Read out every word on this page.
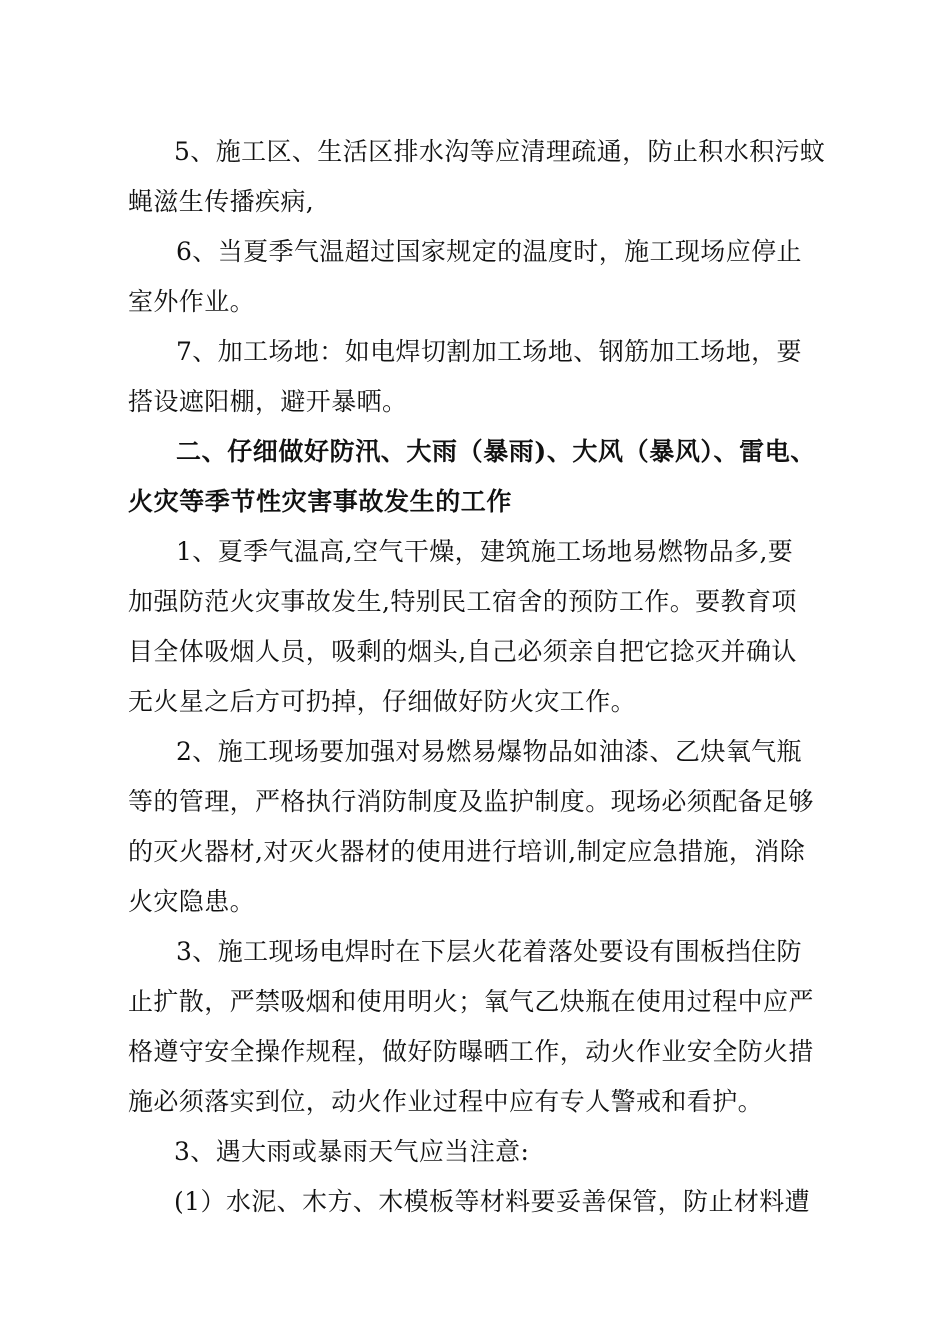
5、施工区、生活区排水沟等应清理疏通，防止积水积污蚊

蝇滋生传播疾病,

6、当夏季气温超过国家规定的温度时，施工现场应停止

室外作业。

7、加工场地：如电焊切割加工场地、钢筋加工场地，要

搭设遮阳棚，避开暴晒。

二、仔细做好防汛、大雨（暴雨)、大风（暴风）、雷电、

火灾等季节性灾害事故发生的工作

1、夏季气温高,空气干燥，建筑施工场地易燃物品多,要

加强防范火灾事故发生,特别民工宿舍的预防工作。要教育项

目全体吸烟人员，吸剩的烟头,自己必须亲自把它捻灭并确认

无火星之后方可扔掉，仔细做好防火灾工作。

2、施工现场要加强对易燃易爆物品如油漆、乙炔氧气瓶

等的管理，严格执行消防制度及监护制度。现场必须配备足够

的灭火器材,对灭火器材的使用进行培训,制定应急措施，消除

火灾隐患。

3、施工现场电焊时在下层火花着落处要设有围板挡住防

止扩散，严禁吸烟和使用明火；氧气乙炔瓶在使用过程中应严

格遵守安全操作规程，做好防曝晒工作，动火作业安全防火措

施必须落实到位，动火作业过程中应有专人警戒和看护。

3、遇大雨或暴雨天气应当注意:

(1）水泥、木方、木模板等材料要妥善保管，防止材料遭
